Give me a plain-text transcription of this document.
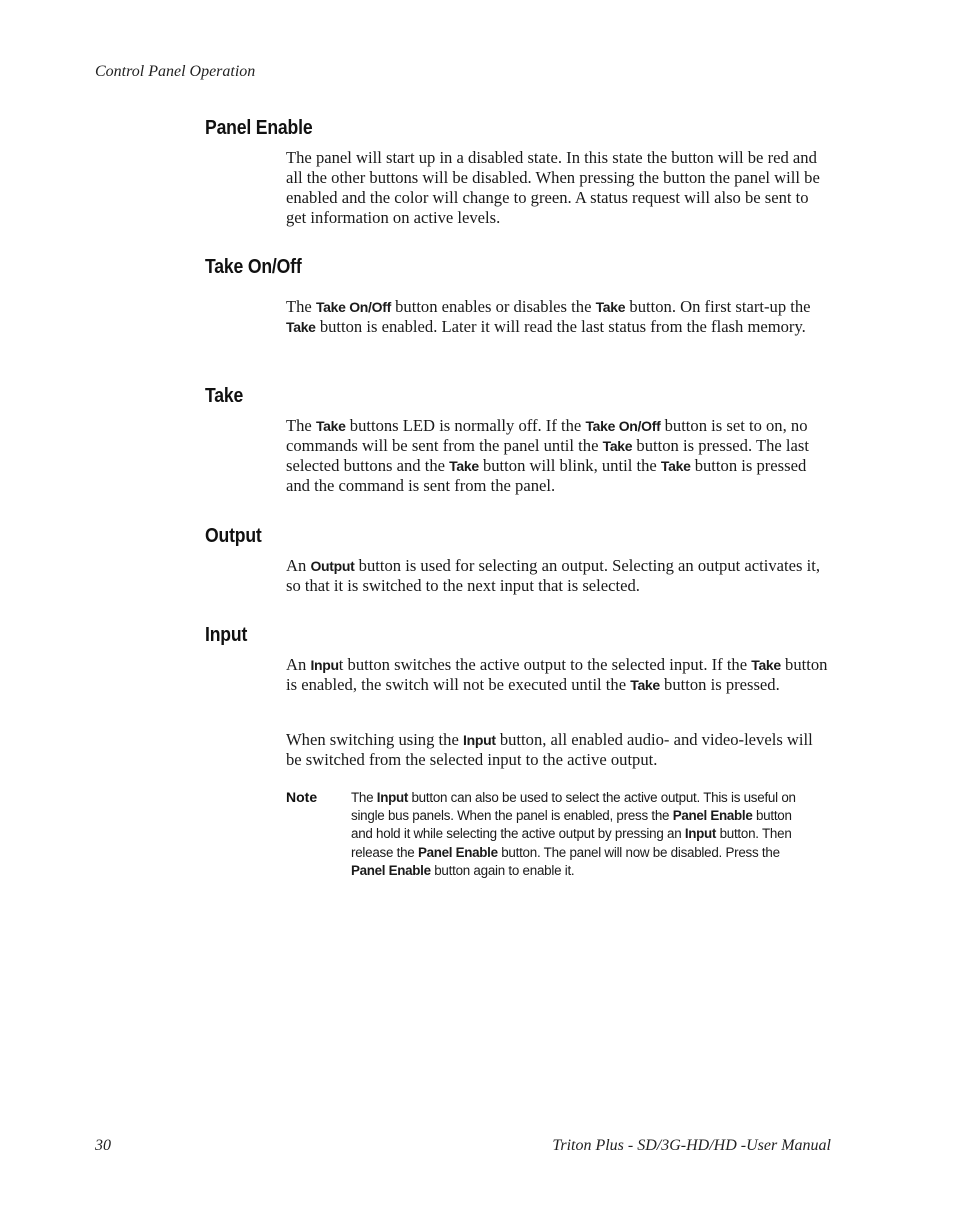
Control Panel Operation
Panel Enable

The panel will start up in a disabled state. In this state the button will be red and all the other buttons will be disabled. When pressing the button the panel will be enabled and the color will change to green. A status request will also be sent to get information on active levels.

Take On/Off

The Take On/Off button enables or disables the Take button. On first start-up the Take button is enabled. Later it will read the last status from the flash memory.

Take

The Take buttons LED is normally off. If the Take On/Off button is set to on, no commands will be sent from the panel until the Take button is pressed. The last selected buttons and the Take button will blink, until the Take button is pressed and the command is sent from the panel.

Output

An Output button is used for selecting an output. Selecting an output activates it, so that it is switched to the next input that is selected.

Input

An Input button switches the active output to the selected input. If the Take button is enabled, the switch will not be executed until the Take button is pressed.

When switching using the Input button, all enabled audio- and video-levels will be switched from the selected input to the active output.

Note	The Input button can also be used to select the active output. This is useful on single bus panels. When the panel is enabled, press the Panel Enable button and hold it while selecting the active output by pressing an Input button. Then release the Panel Enable button. The panel will now be disabled. Press the Panel Enable button again to enable it.

30	Triton Plus - SD/3G-HD/HD -User Manual
